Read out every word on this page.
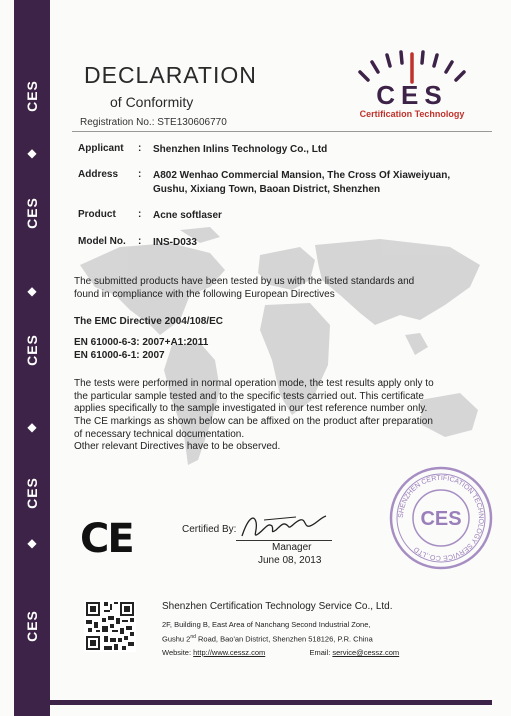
CES
◆
CES
◆
CES
◆
CES
◆
CES
DECLARATION
of Conformity
Registration No.: STE130606770
CES
Certification Technology
Applicant	: Shenzhen Inlins Technology Co., Ltd
Address	: A802 Wenhao Commercial Mansion, The Cross Of Xiaweiyuan, Gushu, Xixiang Town, Baoan District, Shenzhen
Product	: Acne softlaser
Model No.	: INS-D033
The submitted products have been tested by us with the listed standards and found in compliance with the following European Directives
The EMC Directive 2004/108/EC
EN 61000-6-3: 2007+A1:2011
EN 61000-6-1: 2007
The tests were performed in normal operation mode, the test results apply only to the particular sample tested and to the specific tests carried out. This certificate applies specifically to the sample investigated in our test reference number only.
The CE markings as shown below can be affixed on the product after preparation of necessary technical documentation.
Other relevant Directives have to be observed.
CE	Certified By:
Manager
June 08, 2013
SHENZHEN CERTIFICATION TECHNOLOGY SERVICE CO.,LTD
CES
Shenzhen Certification Technology Service Co., Ltd.
2F, Building B, East Area of Nanchang Second Industrial Zone,
Gushu 2nd Road, Bao'an District, Shenzhen 518126, P.R. China
Website: http://www.cessz.com	Email: service@cessz.com
